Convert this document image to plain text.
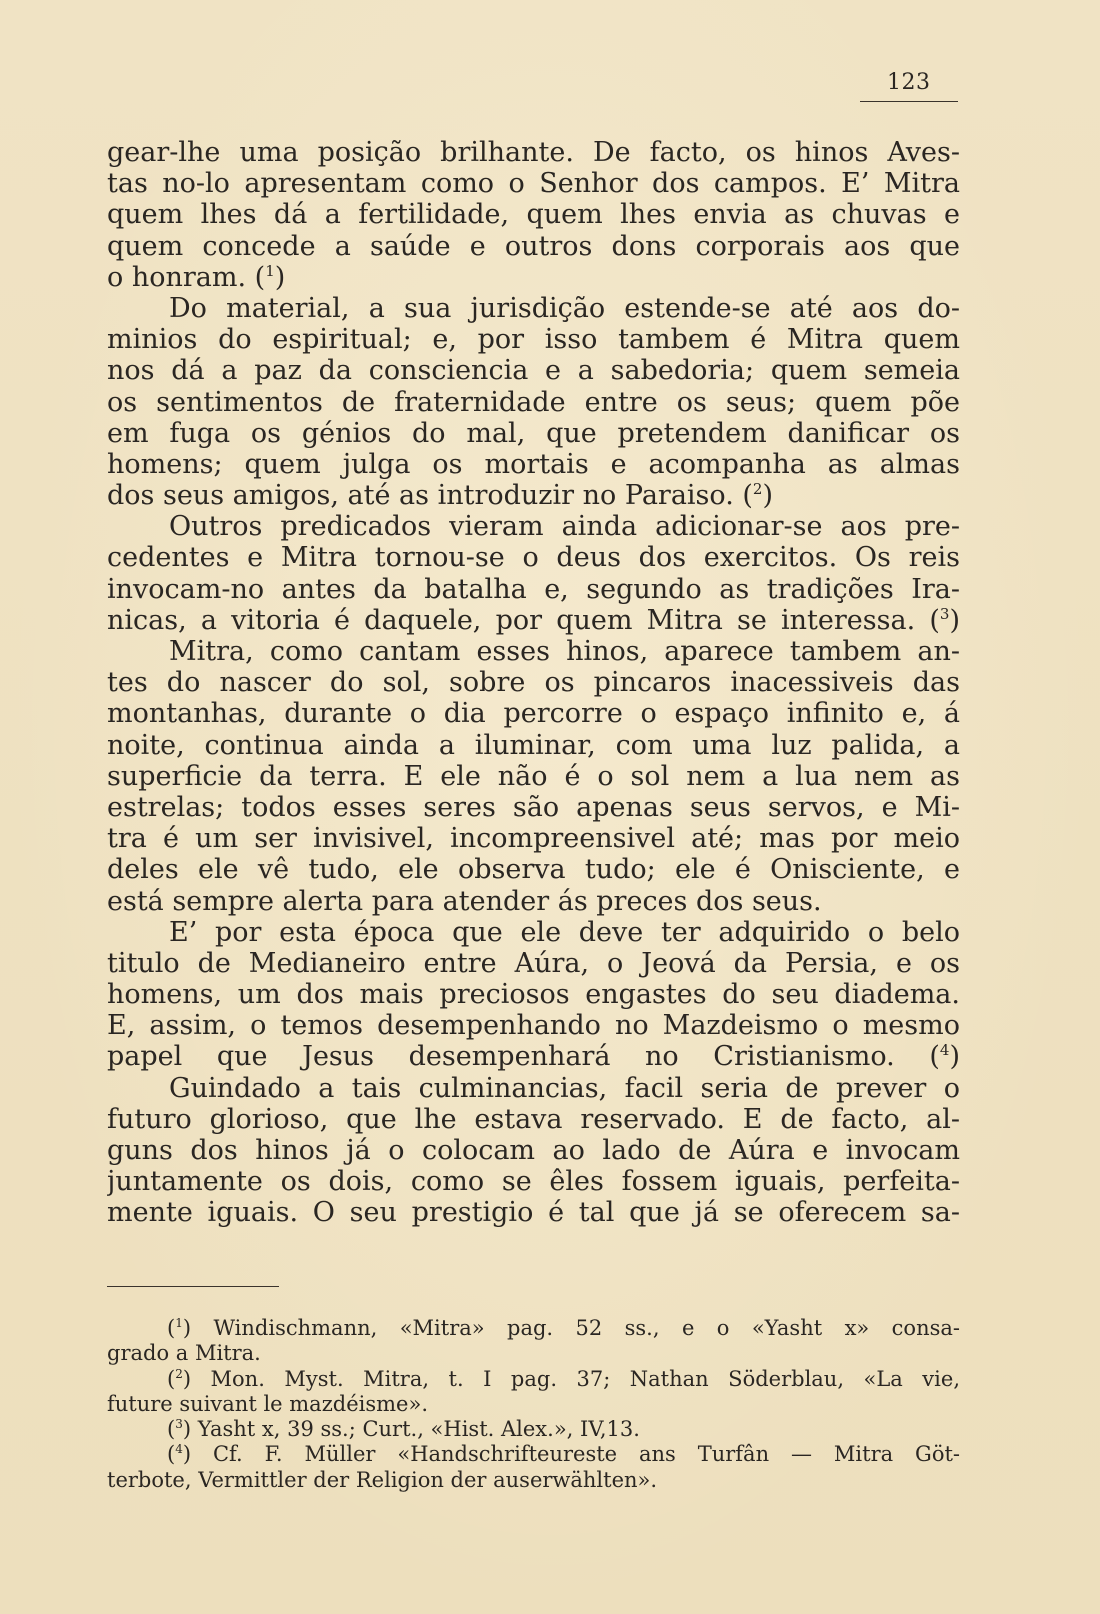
123
gear-lhe uma posição brilhante. De facto, os hinos Aves-
tas no-lo apresentam como o Senhor dos campos. E’ Mitra
quem lhes dá a fertilidade, quem lhes envia as chuvas e
quem concede a saúde e outros dons corporais aos que
o honram. ($^1$)
Do material, a sua jurisdição estende-se até aos do-
minios do espiritual; e, por isso tambem é Mitra quem
nos dá a paz da consciencia e a sabedoria; quem semeia
os sentimentos de fraternidade entre os seus; quem põe
em fuga os génios do mal, que pretendem danificar os
homens; quem julga os mortais e acompanha as almas
dos seus amigos, até as introduzir no Paraiso. ($^2$)
Outros predicados vieram ainda adicionar-se aos pre-
cedentes e Mitra tornou-se o deus dos exercitos. Os reis
invocam-no antes da batalha e, segundo as tradições Ira-
nicas, a vitoria é daquele, por quem Mitra se interessa. ($^3$)
Mitra, como cantam esses hinos, aparece tambem an-
tes do nascer do sol, sobre os pincaros inacessiveis das
montanhas, durante o dia percorre o espaço infinito e, á
noite, continua ainda a iluminar, com uma luz palida, a
superficie da terra. E ele não é o sol nem a lua nem as
estrelas; todos esses seres são apenas seus servos, e Mi-
tra é um ser invisivel, incompreensivel até; mas por meio
deles ele vê tudo, ele observa tudo; ele é Onisciente, e
está sempre alerta para atender ás preces dos seus.
E’ por esta época que ele deve ter adquirido o belo
titulo de Medianeiro entre Aúra, o Jeová da Persia, e os
homens, um dos mais preciosos engastes do seu diadema.
E, assim, o temos desempenhando no Mazdeismo o mesmo
papel que Jesus desempenhará no Cristianismo. ($^4$)
Guindado a tais culminancias, facil seria de prever o
futuro glorioso, que lhe estava reservado. E de facto, al-
guns dos hinos já o colocam ao lado de Aúra e invocam
juntamente os dois, como se êles fossem iguais, perfeita-
mente iguais. O seu prestigio é tal que já se oferecem sa-
($^1$) Windischmann, «Mitra» pag. 52 ss., e o «Yasht x» consa-
grado a Mitra.
($^2$) Mon. Myst. Mitra, t. I pag. 37; Nathan Söderblau, «La vie,
future suivant le mazdéisme».
($^3$) Yasht x, 39 ss.; Curt., «Hist. Alex.», IV,13.
($^4$) Cf. F. Müller «Handschrifteureste ans Turfân — Mitra Göt-
terbote, Vermittler der Religion der auserwählten».
